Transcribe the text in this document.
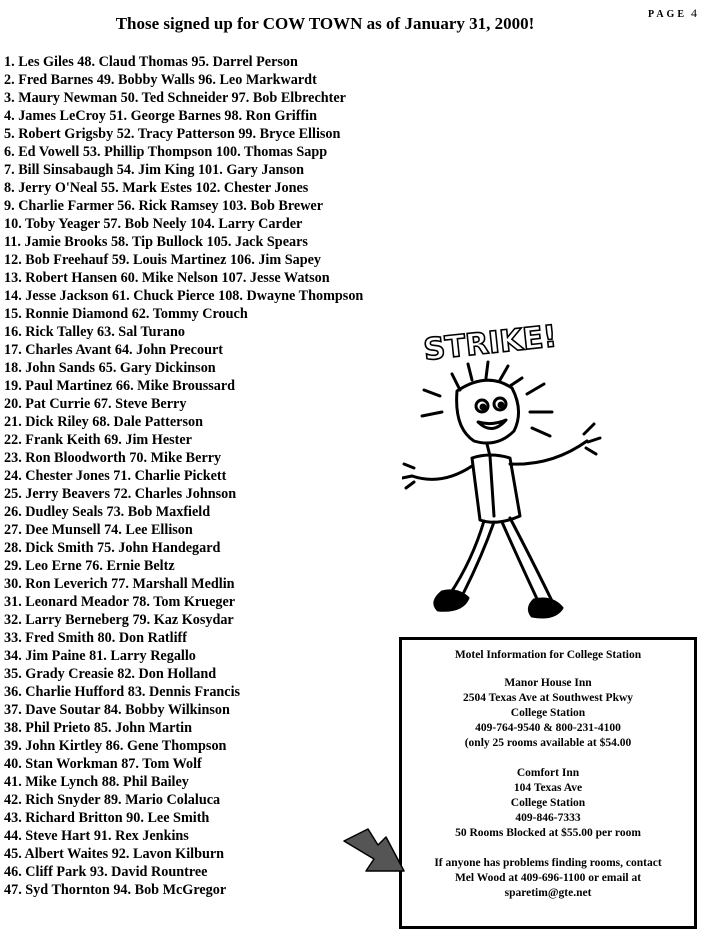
PAGE 4
Those signed up for COW TOWN as of January 31, 2000!
1. Les Giles 48. Claud Thomas 95. Darrel Person
2. Fred Barnes 49. Bobby Walls 96. Leo Markwardt
3. Maury Newman 50. Ted Schneider 97. Bob Elbrechter
4. James LeCroy 51. George Barnes 98. Ron Griffin
5. Robert Grigsby 52. Tracy Patterson 99. Bryce Ellison
6. Ed Vowell 53. Phillip Thompson 100. Thomas Sapp
7. Bill Sinsabaugh 54. Jim King 101. Gary Janson
8. Jerry O'Neal 55. Mark Estes 102. Chester Jones
9. Charlie Farmer 56. Rick Ramsey 103. Bob Brewer
10. Toby Yeager 57. Bob Neely 104. Larry Carder
11. Jamie Brooks 58. Tip Bullock 105. Jack Spears
12. Bob Freehauf 59. Louis Martinez 106. Jim Sapey
13. Robert Hansen 60. Mike Nelson 107. Jesse Watson
14. Jesse Jackson 61. Chuck Pierce 108. Dwayne Thompson
15. Ronnie Diamond 62. Tommy Crouch
16. Rick Talley 63. Sal Turano
17. Charles Avant 64. John Precourt
18. John Sands 65. Gary Dickinson
19. Paul Martinez 66. Mike Broussard
20. Pat Currie 67. Steve Berry
21. Dick Riley 68. Dale Patterson
22. Frank Keith 69. Jim Hester
23. Ron Bloodworth 70. Mike Berry
24. Chester Jones 71. Charlie Pickett
25. Jerry Beavers 72. Charles Johnson
26. Dudley Seals 73. Bob Maxfield
27. Dee Munsell 74. Lee Ellison
28. Dick Smith 75. John Handegard
29. Leo Erne 76. Ernie Beltz
30. Ron Leverich 77. Marshall Medlin
31. Leonard Meador 78. Tom Krueger
32. Larry Berneberg 79. Kaz Kosydar
33. Fred Smith 80. Don Ratliff
34. Jim Paine 81. Larry Regallo
35. Grady Creasie 82. Don Holland
36. Charlie Hufford 83. Dennis Francis
37. Dave Soutar 84. Bobby Wilkinson
38. Phil Prieto 85. John Martin
39. John Kirtley 86. Gene Thompson
40. Stan Workman 87. Tom Wolf
41. Mike Lynch 88. Phil Bailey
42. Rich Snyder 89. Mario Colaluca
43. Richard Britton 90. Lee Smith
44. Steve Hart 91. Rex Jenkins
45. Albert Waites 92. Lavon Kilburn
46. Cliff Park 93. David Rountree
47. Syd Thornton 94. Bob McGregor
STRIKE!
Motel Information for College Station
Manor House Inn
2504 Texas Ave at Southwest Pkwy
College Station
409-764-9540 & 800-231-4100
(only 25 rooms available at $54.00
Comfort Inn
104 Texas Ave
College Station
409-846-7333
50 Rooms Blocked at $55.00 per room
If anyone has problems finding rooms, contact
Mel Wood at 409-696-1100 or email at
sparetim@gte.net
